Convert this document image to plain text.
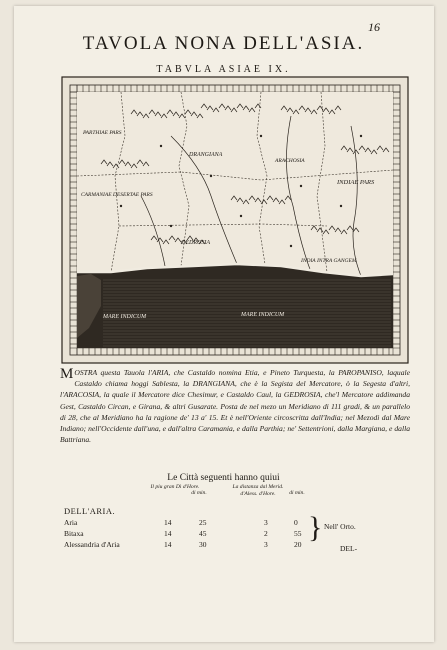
16
TAVOLA NONA DELL'ASIA.
TABVLA ASIAE IX.
PARTHIAE PARS
CARMANIAE DESERTAE PARS
DRANGIANA
INDIAE PARS
ARACHOSIA
GEDROSIA
INDIA INTRA GANGEM
MARE INDICUM	MARE INDICUM
MOSTRA questa Tauola l'ARIA, che Castaldo nomina Etia, e Pineto Turquesta, la PAROPANISO, laquale Castaldo chiama hoggi Sablesta, la DRANGIANA, che è la Segista del Mercatore, ò la Segesta d'altri, l'ARACOSIA, la quale il Mercatore dice Chesimur, e Castaldo Caul, la GEDROSIA, che'l Mercatore addimanda Gest, Castaldo Circan, e Girana, & altri Gusarate. Posta de nel mezo un Meridiano di 111 gradi, & un parallelo di 28, che al Meridiano ha la ragione de' 13 a' 15. Et è nell'Oriente circoscritta dall'India; nel Mezodi dal Mare Indiano; nell'Occidente dall'una, e dall'altra Caramania, e dalla Parthia; ne' Settentrioni, dalla Margiana, e dalla Battriana.
Le Città seguenti hanno quiui
Il piu gran Dì d'Hore.
di min.
La distanza dal Merid. d'Aless. d'Hore.	di min.
DELL'ARIA.
Aria	14	25	3	0
Bitaxa	14	45	2	55
Alessandria d'Aria	14	30	3	20
} Nell' Orto.
DEL-
